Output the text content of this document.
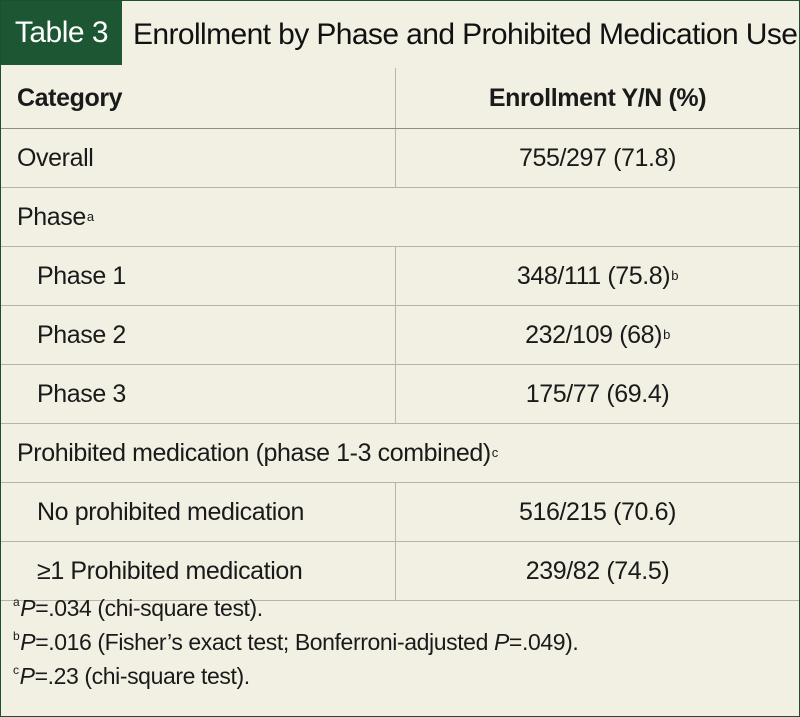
Table 3 Enrollment by Phase and Prohibited Medication Use
Category	Enrollment Y/N (%)
Overall	755/297 (71.8)
Phase a
Phase 1	348/111 (75.8) b
Phase 2	232/109 (68) b
Phase 3	175/77 (69.4)
Prohibited medication (phase 1-3 combined) c
No prohibited medication	516/215 (70.6)
≥1 Prohibited medication	239/82 (74.5)
$^a$P=.034 (chi-square test).
$^b$P=.016 (Fisher’s exact test; Bonferroni-adjusted P=.049).
$^c$P=.23 (chi-square test).
